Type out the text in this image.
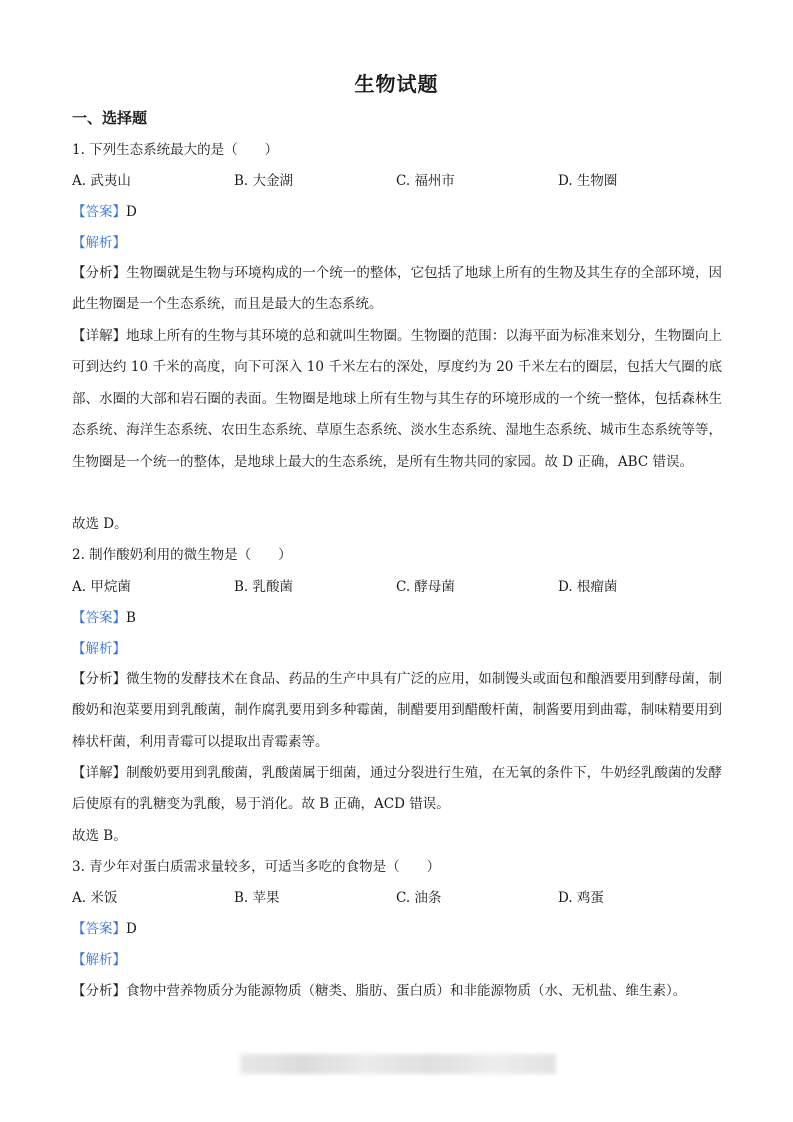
生物试题
一、选择题
1. 下列生态系统最大的是（　　）
A. 武夷山	B. 大金湖	C. 福州市	D. 生物圈
【答案】D
【解析】
【分析】生物圈就是生物与环境构成的一个统一的整体，它包括了地球上所有的生物及其生存的全部环境，因此生物圈是一个生态系统，而且是最大的生态系统。
【详解】地球上所有的生物与其环境的总和就叫生物圈。生物圈的范围：以海平面为标准来划分，生物圈向上可到达约 10 千米的高度，向下可深入 10 千米左右的深处，厚度约为 20 千米左右的圈层，包括大气圈的底部、水圈的大部和岩石圈的表面。生物圈是地球上所有生物与其生存的环境形成的一个统一整体，包括森林生态系统、海洋生态系统、农田生态系统、草原生态系统、淡水生态系统、湿地生态系统、城市生态系统等等，生物圈是一个统一的整体，是地球上最大的生态系统，是所有生物共同的家园。故 D 正确，ABC 错误。
故选 D。
2. 制作酸奶利用的微生物是（　　）
A. 甲烷菌	B. 乳酸菌	C. 酵母菌	D. 根瘤菌
【答案】B
【解析】
【分析】微生物的发酵技术在食品、药品的生产中具有广泛的应用，如制馒头或面包和酿酒要用到酵母菌，制酸奶和泡菜要用到乳酸菌，制作腐乳要用到多种霉菌，制醋要用到醋酸杆菌，制酱要用到曲霉，制味精要用到棒状杆菌，利用青霉可以提取出青霉素等。
【详解】制酸奶要用到乳酸菌，乳酸菌属于细菌，通过分裂进行生殖，在无氧的条件下，牛奶经乳酸菌的发酵后使原有的乳糖变为乳酸，易于消化。故 B 正确，ACD 错误。
故选 B。
3. 青少年对蛋白质需求量较多，可适当多吃的食物是（　　）
A. 米饭	B. 苹果	C. 油条	D. 鸡蛋
【答案】D
【解析】
【分析】食物中营养物质分为能源物质（糖类、脂肪、蛋白质）和非能源物质（水、无机盐、维生素）。
